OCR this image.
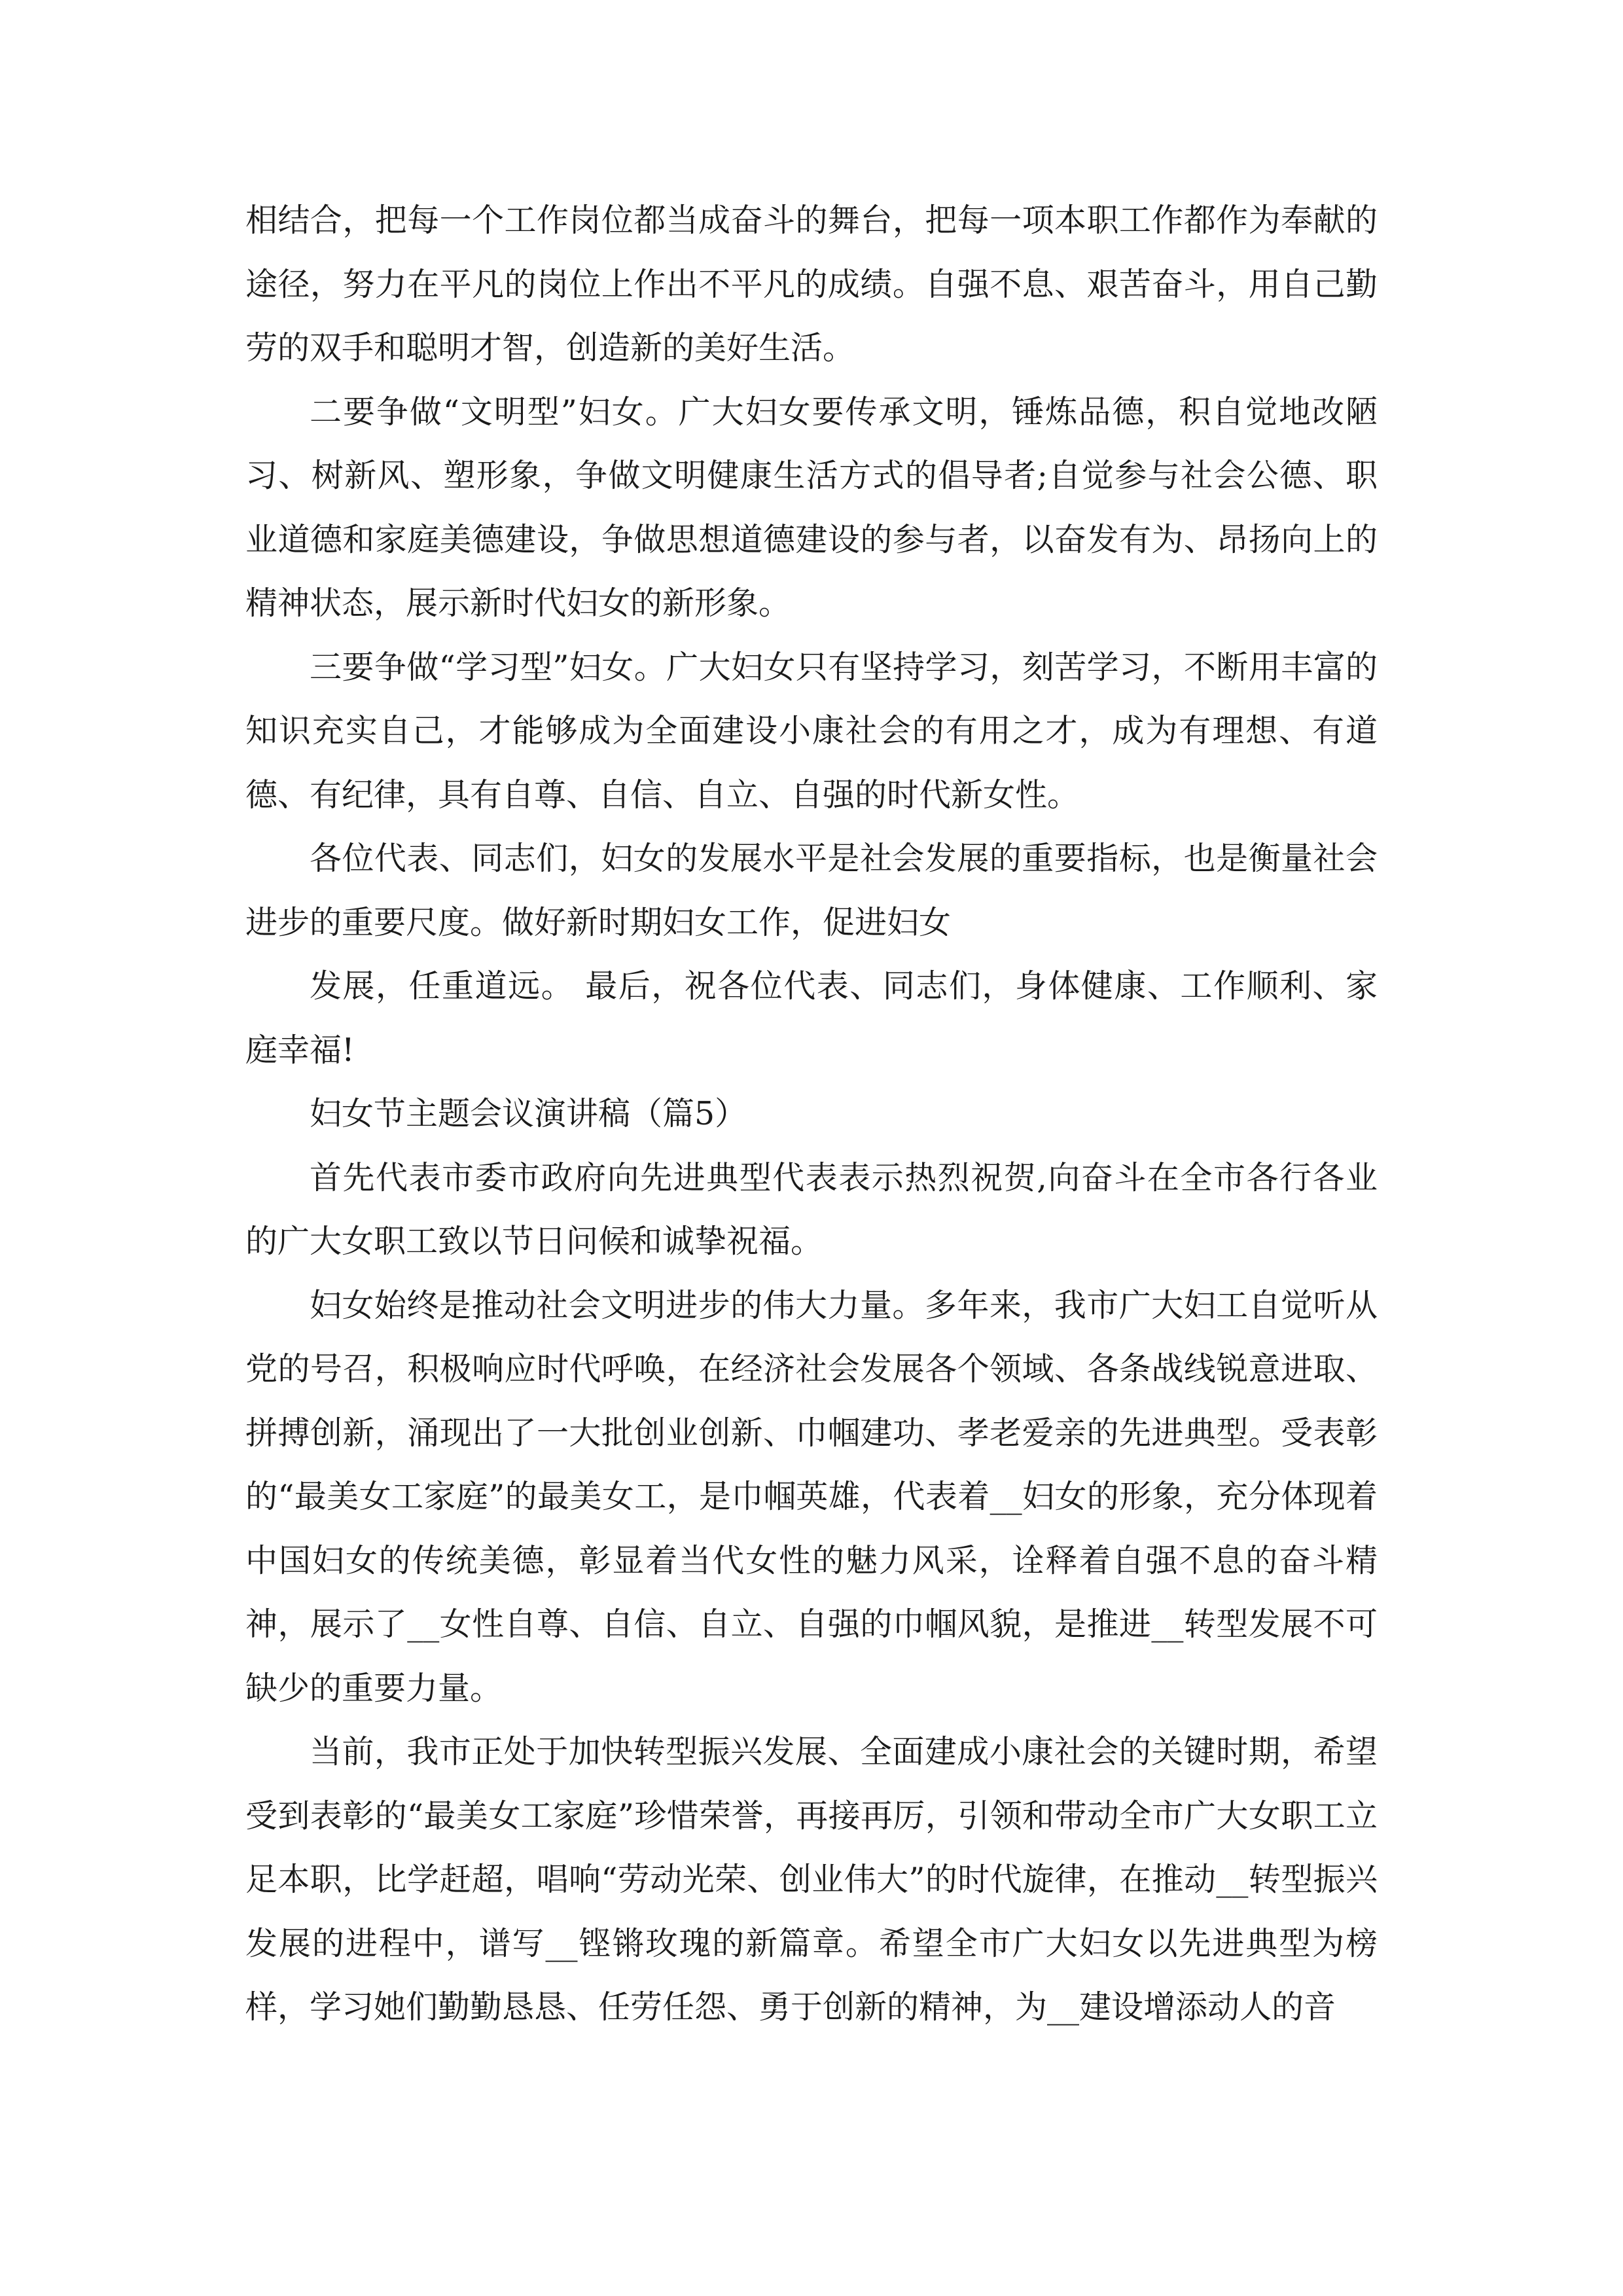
相结合，把每一个工作岗位都当成奋斗的舞台，把每一项本职工作都作为奉献的途径，努力在平凡的岗位上作出不平凡的成绩。自强不息、艰苦奋斗，用自己勤劳的双手和聪明才智，创造新的美好生活。

二要争做“文明型”妇女。广大妇女要传承文明，锤炼品德，积自觉地改陋习、树新风、塑形象，争做文明健康生活方式的倡导者;自觉参与社会公德、职业道德和家庭美德建设，争做思想道德建设的参与者，以奋发有为、昂扬向上的精神状态，展示新时代妇女的新形象。

三要争做“学习型”妇女。广大妇女只有坚持学习，刻苦学习，不断用丰富的知识充实自己，才能够成为全面建设小康社会的有用之才，成为有理想、有道德、有纪律，具有自尊、自信、自立、自强的时代新女性。

各位代表、同志们，妇女的发展水平是社会发展的重要指标，也是衡量社会进步的重要尺度。做好新时期妇女工作，促进妇女

发展，任重道远。 最后，祝各位代表、同志们，身体健康、工作顺利、家庭幸福!

妇女节主题会议演讲稿（篇5）

首先代表市委市政府向先进典型代表表示热烈祝贺,向奋斗在全市各行各业的广大女职工致以节日问候和诚挚祝福。

妇女始终是推动社会文明进步的伟大力量。多年来，我市广大妇工自觉听从党的号召，积极响应时代呼唤，在经济社会发展各个领域、各条战线锐意进取、拼搏创新，涌现出了一大批创业创新、巾帼建功、孝老爱亲的先进典型。受表彰的“最美女工家庭”的最美女工，是巾帼英雄，代表着__妇女的形象，充分体现着中国妇女的传统美德，彰显着当代女性的魅力风采，诠释着自强不息的奋斗精神，展示了__女性自尊、自信、自立、自强的巾帼风貌，是推进__转型发展不可缺少的重要力量。

当前，我市正处于加快转型振兴发展、全面建成小康社会的关键时期，希望受到表彰的“最美女工家庭”珍惜荣誉，再接再厉，引领和带动全市广大女职工立足本职，比学赶超，唱响“劳动光荣、创业伟大”的时代旋律，在推动__转型振兴发展的进程中，谱写__铿锵玫瑰的新篇章。希望全市广大妇女以先进典型为榜样，学习她们勤勤恳恳、任劳任怨、勇于创新的精神，为__建设增添动人的音
